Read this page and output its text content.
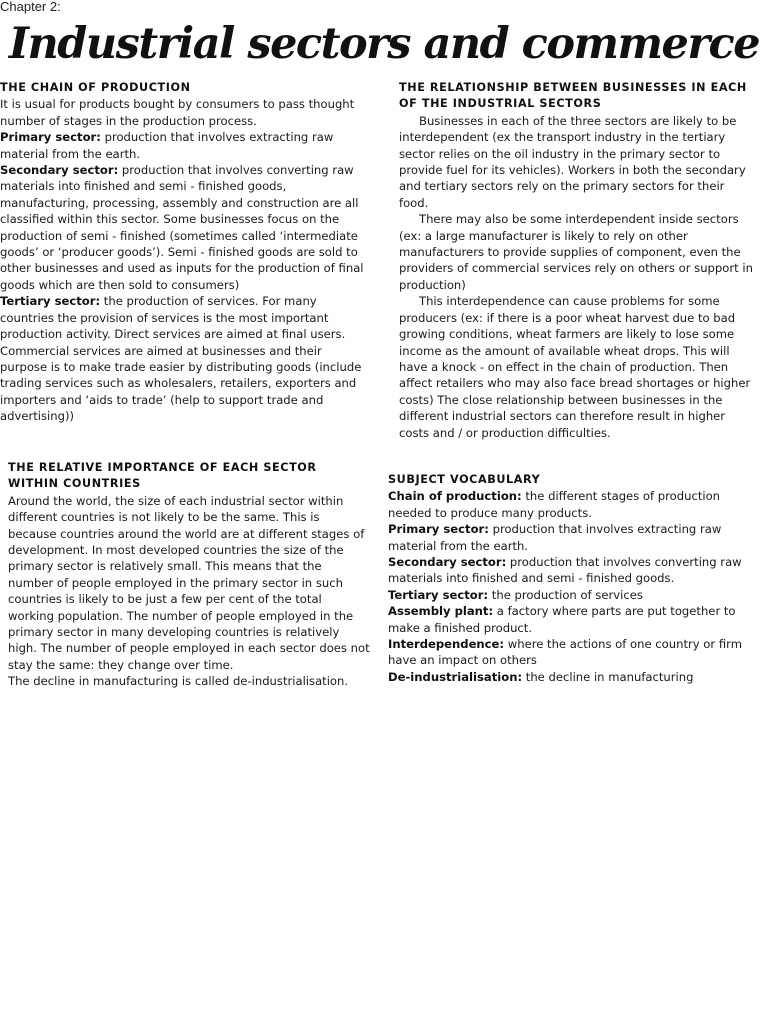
Chapter 2:
Industrial sectors and commerce
THE CHAIN OF PRODUCTION

It is usual for products bought by consumers to pass thought number of stages in the production process.

Primary sector: production that involves extracting raw material from the earth.

Secondary sector: production that involves converting raw materials into finished and semi - finished goods, manufacturing, processing, assembly and construction are all classified within this sector. Some businesses focus on the production of semi - finished (sometimes called ‘intermediate goods’ or ‘producer goods’). Semi - finished goods are sold to other businesses and used as inputs for the production of final goods which are then sold to consumers)

Tertiary sector: the production of services. For many countries the provision of services is the most important production activity. Direct services are aimed at final users. Commercial services are aimed at businesses and their purpose is to make trade easier by distributing goods (include trading services such as wholesalers, retailers, exporters and importers and ‘aids to trade’ (help to support trade and advertising))

THE RELATIVE IMPORTANCE OF EACH SECTOR WITHIN COUNTRIES

Around the world, the size of each industrial sector within different countries is not likely to be the same. This is because countries around the world are at different stages of development. In most developed countries the size of the primary sector is relatively small. This means that the number of people employed in the primary sector in such countries is likely to be just a few per cent of the total working population. The number of people employed in the primary sector in many developing countries is relatively high. The number of people employed in each sector does not stay the same: they change over time.

The decline in manufacturing is called de-industrialisation.

THE RELATIONSHIP BETWEEN BUSINESSES IN EACH OF THE INDUSTRIAL SECTORS

Businesses in each of the three sectors are likely to be interdependent (ex the transport industry in the tertiary sector relies on the oil industry in the primary sector to provide fuel for its vehicles). Workers in both the secondary and tertiary sectors rely on the primary sectors for their food.

There may also be some interdependent inside sectors (ex: a large manufacturer is likely to rely on other manufacturers to provide supplies of component, even the providers of commercial services rely on others or support in production)

This interdependence can cause problems for some producers (ex: if there is a poor wheat harvest due to bad growing conditions, wheat farmers are likely to lose some income as the amount of available wheat drops. This will have a knock - on effect in the chain of production. Then affect retailers who may also face bread shortages or higher costs) The close relationship between businesses in the different industrial sectors can therefore result in higher costs and / or production difficulties.

SUBJECT VOCABULARY

Chain of production: the different stages of production needed to produce many products.

Primary sector: production that involves extracting raw material from the earth.

Secondary sector: production that involves converting raw materials into finished and semi - finished goods.

Tertiary sector: the production of services

Assembly plant: a factory where parts are put together to make a finished product.

Interdependence: where the actions of one country or firm have an impact on others

De-industrialisation: the decline in manufacturing
